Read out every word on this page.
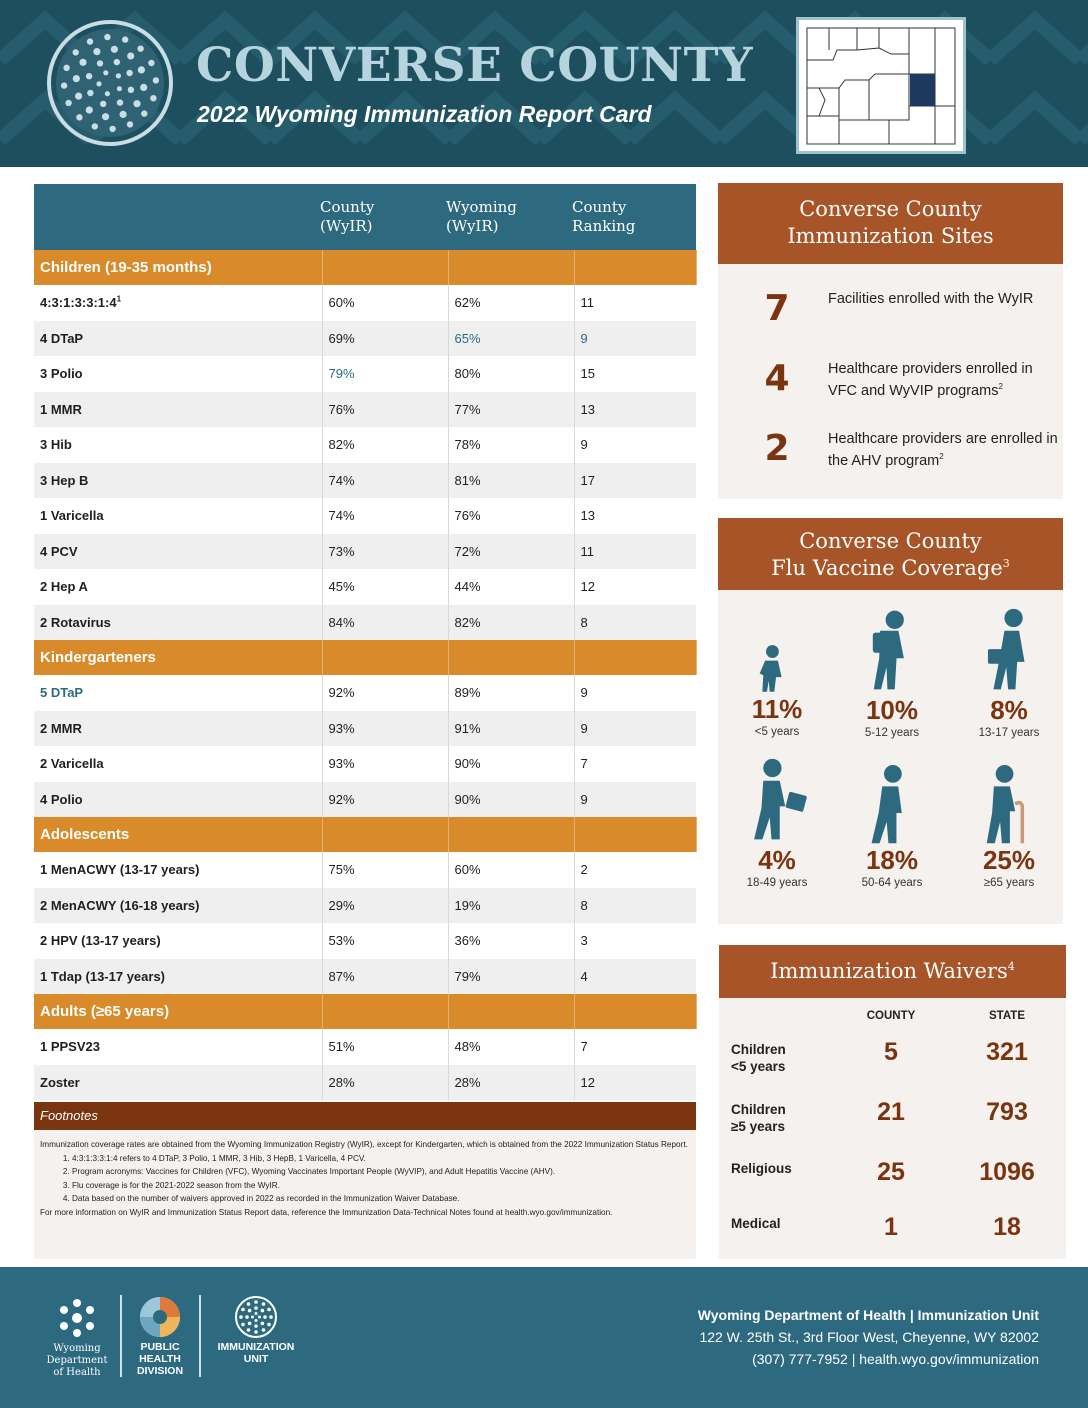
CONVERSE COUNTY
2022 Wyoming Immunization Report Card

	County (WyIR)	Wyoming (WyIR)	County Ranking

Children (19-35 months)			
$4:3:1:3:3:1:4^1$	60%	62%	11
4 DTaP	69%	65%	9
3 Polio	79%	80%	15
1 MMR	76%	77%	13
3 Hib	82%	78%	9
3 Hep B	74%	81%	17
1 Varicella	74%	76%	13
4 PCV	73%	72%	11
2 Hep A	45%	44%	12
2 Rotavirus	84%	82%	8
Kindergarteners			
5 DTaP	92%	89%	9
2 MMR	93%	91%	9
2 Varicella	93%	90%	7
4 Polio	92%	90%	9
Adolescents			
1 MenACWY (13-17 years)	75%	60%	2
2 MenACWY (16-18 years)	29%	19%	8
2 HPV (13-17 years)	53%	36%	3
1 Tdap (13-17 years)	87%	79%	4
Adults (≥65 years)			
1 PPSV23	51%	48%	7
Zoster	28%	28%	12
Footnotes
Immunization coverage rates are obtained from the Wyoming Immunization Registry (WyIR), except for Kindergarten, which is obtained from the 2022 Immunization Status Report.
1. 4:3:1:3:3:1:4 refers to 4 DTaP, 3 Polio, 1 MMR, 3 Hib, 3 HepB, 1 Varicella, 4 PCV.
2. Program acronyms: Vaccines for Children (VFC), Wyoming Vaccinates Important People (WyVIP), and Adult Hepatitis Vaccine (AHV).
3. Flu coverage is for the 2021-2022 season from the WyIR.
4. Data based on the number of waivers approved in 2022 as recorded in the Immunization Waiver Database.
For more information on WyIR and Immunization Status Report data, reference the Immunization Data-Technical Notes found at health.wyo.gov/immunization.
Converse County
Immunization Sites
7	Facilities enrolled with the WyIR
4	Healthcare providers enrolled in VFC and WyVIP programs$^2$
2	Healthcare providers are enrolled in the AHV program$^2$
Converse County
Flu Vaccine Coverage$^3$
11%
<5 years
10%
5-12 years
8%
13-17 years
4%
18-49 years
18%
50-64 years
25%
≥65 years
Immunization Waivers$^4$
COUNTY	STATE
Children
<5 years
5	321
Children
≥5 years
21	793
Religious	25	1096
Medical	1	18
Wyoming Department of Health
PUBLIC HEALTH DIVISION
IMMUNIZATION UNIT
Wyoming Department of Health | Immunization Unit
122 W. 25th St., 3rd Floor West, Cheyenne, WY 82002
(307) 777-7952 | health.wyo.gov/immunization
